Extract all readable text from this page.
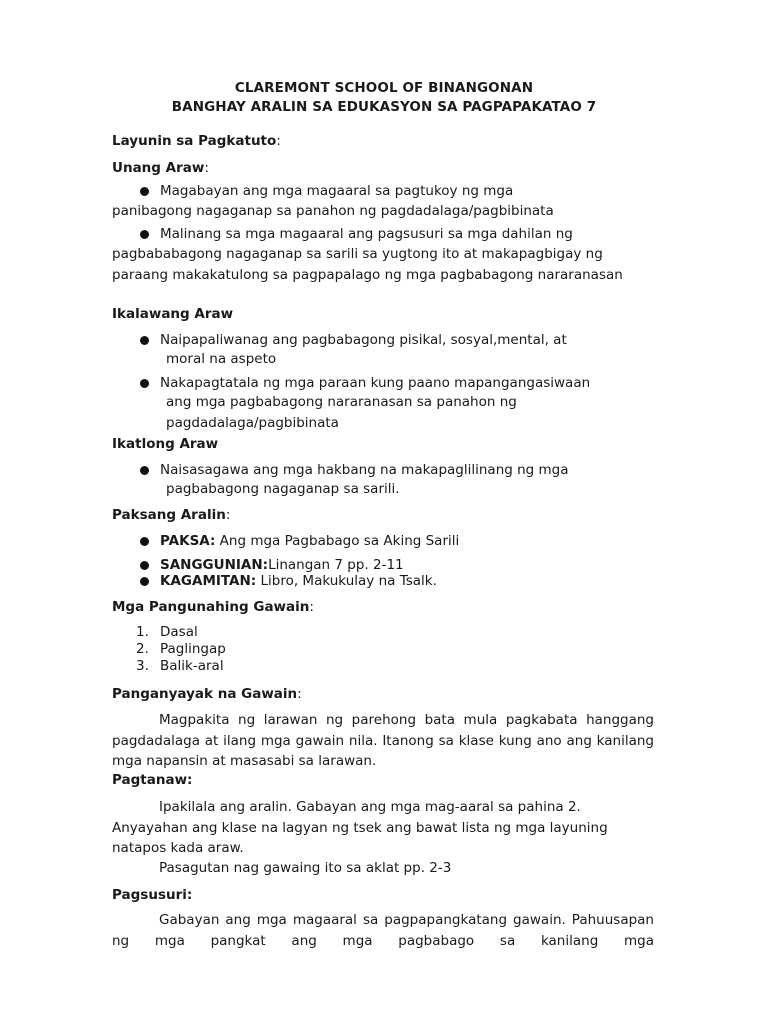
CLAREMONT SCHOOL OF BINANGONAN
BANGHAY ARALIN SA EDUKASYON SA PAGPAPAKATAO 7
Layunin sa Pagkatuto:
Unang Araw:
Magabayan ang mga magaaral sa pagtukoy ng mga
panibagong nagaganap sa panahon ng pagdadalaga/pagbibinata
Malinang sa mga magaaral ang pagsusuri sa mga dahilan ng
pagbababagong nagaganap sa sarili sa yugtong ito at makapagbigay ng paraang makakatulong sa pagpapalago ng mga pagbabagong nararanasan
Ikalawang Araw
Naipapaliwanag ang pagbabagong pisikal, sosyal,mental, at
moral na aspeto
Nakapagtatala ng mga paraan kung paano mapangangasiwaan
ang mga pagbabagong nararanasan sa panahon ng pagdadalaga/pagbibinata
Ikatlong Araw
Naisasagawa ang mga hakbang na makapaglilinang ng mga
pagbabagong nagaganap sa sarili.
Paksang Aralin:
PAKSA: Ang mga Pagbabago sa Aking Sarili
SANGGUNIAN:Linangan 7 pp. 2-11
KAGAMITAN: Libro, Makukulay na Tsalk.
Mga Pangunahing Gawain:
1. Dasal
2. Paglingap
3. Balik-aral
Panganyayak na Gawain:
Magpakita ng larawan ng parehong bata mula pagkabata hanggang pagdadalaga at ilang mga gawain nila. Itanong sa klase kung ano ang kanilang mga napansin at masasabi sa larawan.
Pagtanaw:
Ipakilala ang aralin. Gabayan ang mga mag-aaral sa pahina 2. Anyayahan ang klase na lagyan ng tsek ang bawat lista ng mga layuning natapos kada araw.
Pasagutan nag gawaing ito sa aklat pp. 2-3
Pagsusuri:
Gabayan ang mga magaaral sa pagpapangkatang gawain. Pahuusapan ng mga pangkat ang mga pagbabago sa kanilang mga
